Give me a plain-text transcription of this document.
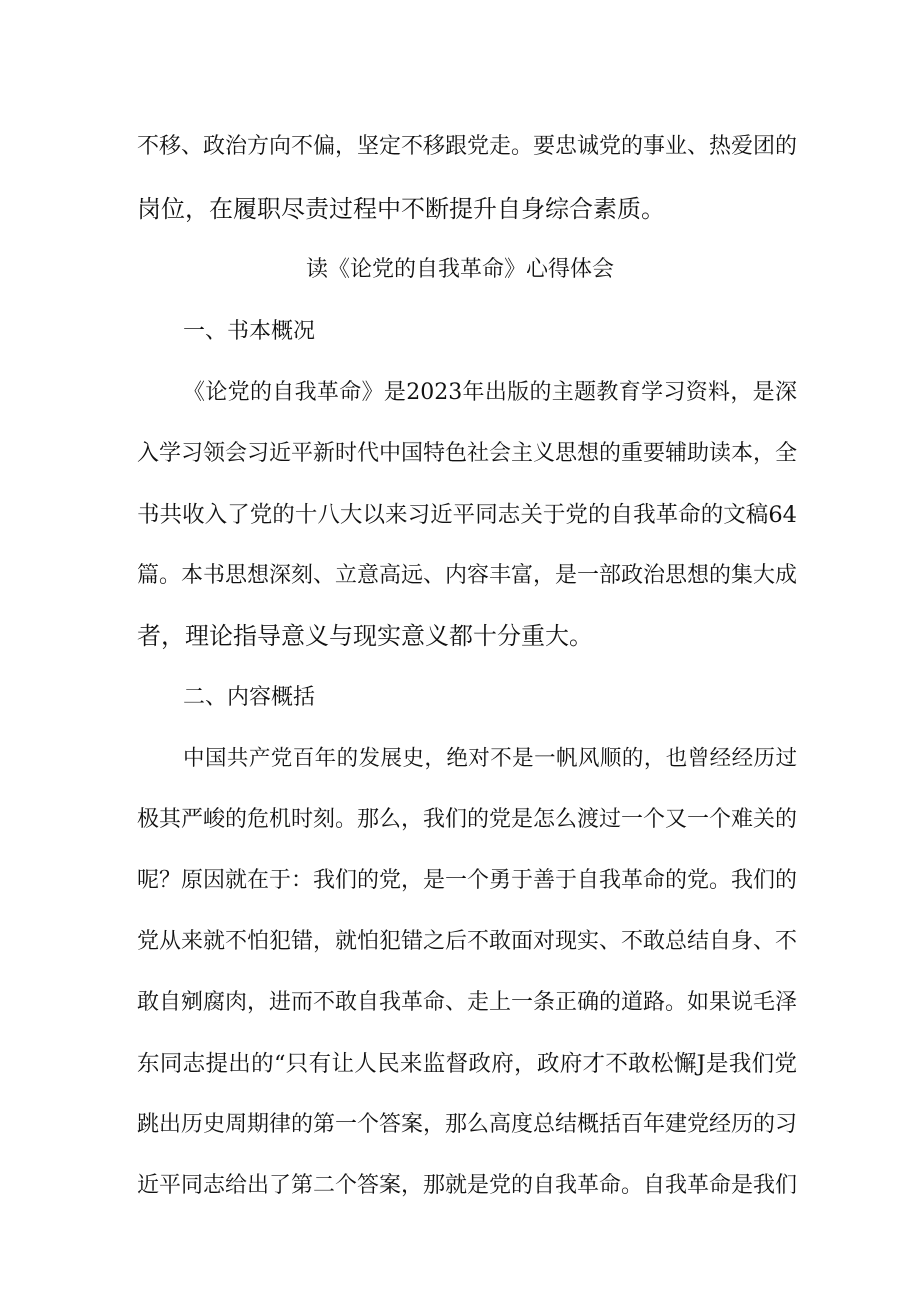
不移、政治方向不偏，坚定不移跟党走。要忠诚党的事业、热爱团的
岗位，在履职尽责过程中不断提升自身综合素质。
读《论党的自我革命》心得体会
一、书本概况
《论党的自我革命》是2023年出版的主题教育学习资料，是深
入学习领会习近平新时代中国特色社会主义思想的重要辅助读本，全
书共收入了党的十八大以来习近平同志关于党的自我革命的文稿64
篇。本书思想深刻、立意高远、内容丰富，是一部政治思想的集大成
者，理论指导意义与现实意义都十分重大。
二、内容概括
中国共产党百年的发展史，绝对不是一帆风顺的，也曾经经历过
极其严峻的危机时刻。那么，我们的党是怎么渡过一个又一个难关的
呢？原因就在于：我们的党，是一个勇于善于自我革命的党。我们的
党从来就不怕犯错，就怕犯错之后不敢面对现实、不敢总结自身、不
敢自剜腐肉，进而不敢自我革命、走上一条正确的道路。如果说毛泽
东同志提出的“只有让人民来监督政府，政府才不敢松懈J是我们党
跳出历史周期律的第一个答案，那么高度总结概括百年建党经历的习
近平同志给出了第二个答案，那就是党的自我革命。自我革命是我们
